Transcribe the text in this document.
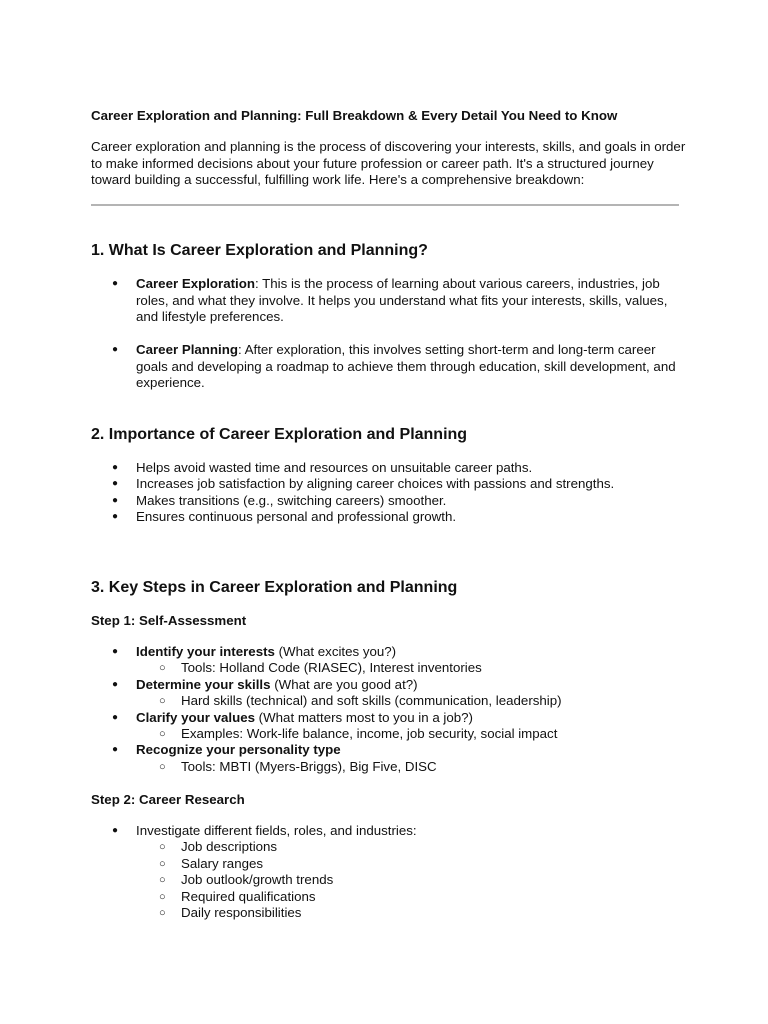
Career Exploration and Planning: Full Breakdown & Every Detail You Need to Know

Career exploration and planning is the process of discovering your interests, skills, and goals in order to make informed decisions about your future profession or career path. It's a structured journey toward building a successful, fulfilling work life. Here's a comprehensive breakdown:

1. What Is Career Exploration and Planning?
● Career Exploration: This is the process of learning about various careers, industries, job roles, and what they involve. It helps you understand what fits your interests, skills, values, and lifestyle preferences.
● Career Planning: After exploration, this involves setting short-term and long-term career goals and developing a roadmap to achieve them through education, skill development, and experience.
2. Importance of Career Exploration and Planning
● Helps avoid wasted time and resources on unsuitable career paths.
● Increases job satisfaction by aligning career choices with passions and strengths.
● Makes transitions (e.g., switching careers) smoother.
● Ensures continuous personal and professional growth.
3. Key Steps in Career Exploration and Planning

Step 1: Self-Assessment

● Identify your interests (What excites you?)
○ Tools: Holland Code (RIASEC), Interest inventories
● Determine your skills (What are you good at?)
○ Hard skills (technical) and soft skills (communication, leadership)
● Clarify your values (What matters most to you in a job?)
○ Examples: Work-life balance, income, job security, social impact
● Recognize your personality type
○ Tools: MBTI (Myers-Briggs), Big Five, DISC

Step 2: Career Research

● Investigate different fields, roles, and industries:
○ Job descriptions
○ Salary ranges
○ Job outlook/growth trends
○ Required qualifications
○ Daily responsibilities
